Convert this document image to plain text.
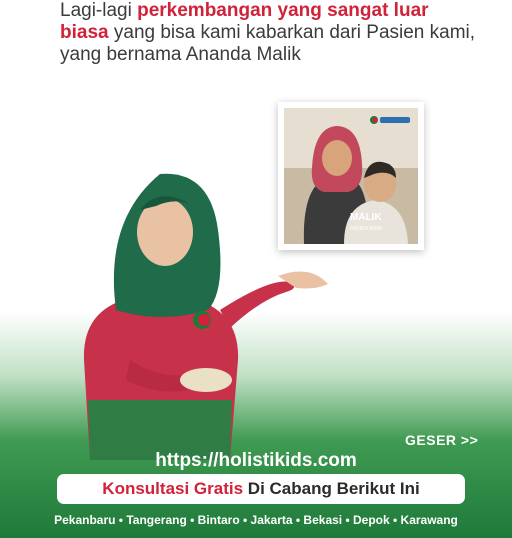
Lagi-lagi perkembangan yang sangat luar biasa yang bisa kami kabarkan dari Pasien kami, yang bernama Ananda Malik
MALIK
PASIEN ANAK
GESER >>
https://holistikids.com
Konsultasi Gratis Di Cabang Berikut Ini
Pekanbaru • Tangerang • Bintaro • Jakarta • Bekasi • Depok • Karawang
